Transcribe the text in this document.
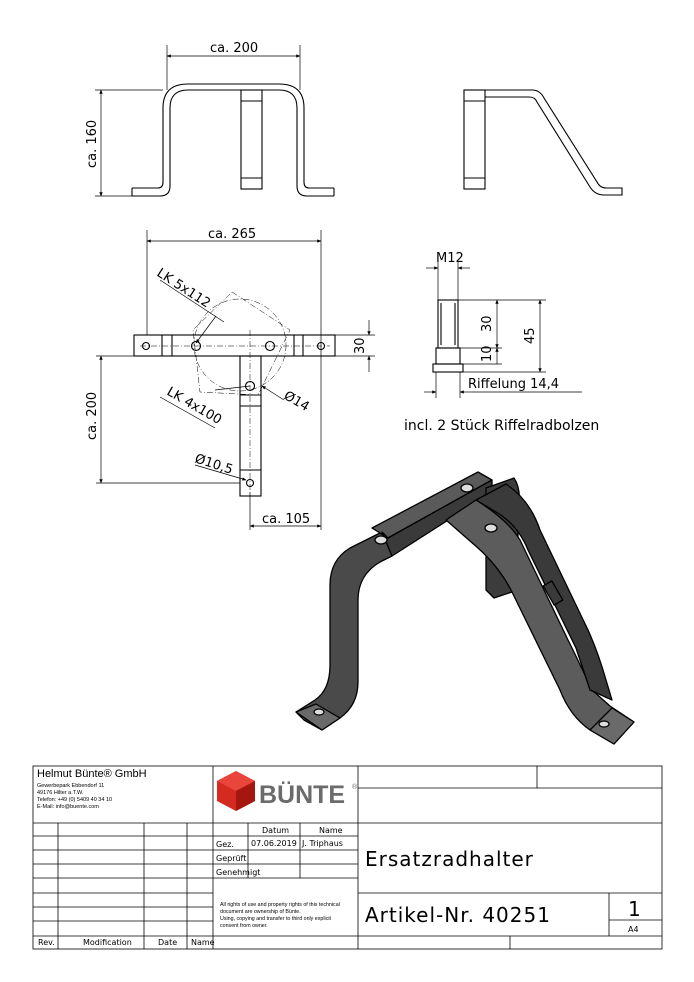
ca. 200
ca. 160
ca. 265
ca. 200
ca. 105
30
LK 5x112
LK 4x100	Ø14
Ø10,5
M12
30
10
45
Riffelung 14,4
incl. 2 Stück Riffelradbolzen
BÜNTE ®
Helmut Bünte® GmbH
Gewerbepark Ebbendorf 11
49176 Hilter a.T.W.
Telefon: +49 (0) 5409 40 34 10
E-Mail: info@buente.com
Datum	Name
Gez. 07.06.2019 J. Triphaus
Geprüft
Genehmigt
All rights of use and property rights of this technical
document are ownership of Bünte.
Using, copying and transfer to third only explicit
consent from owner.
Ersatzradhalter
Artikel-Nr. 40251	1
A4
Rev.	Modification	Date Name
